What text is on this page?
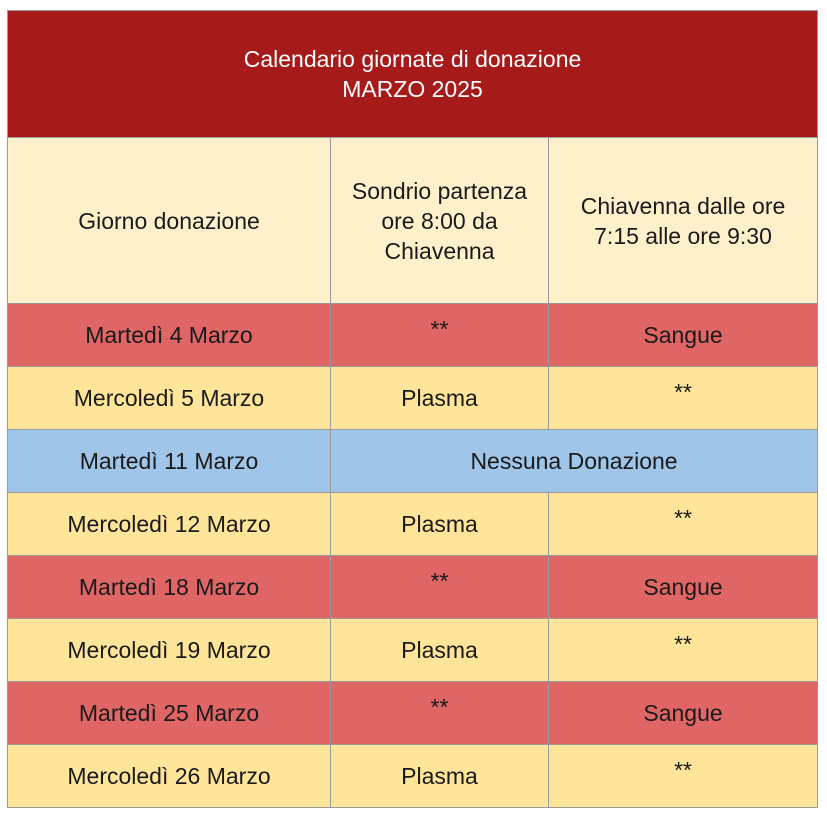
Calendario giornate di donazione
MARZO 2025		

Giorno donazione	Sondrio partenza ore 8:00 da Chiavenna	Chiavenna dalle ore 7:15 alle ore 9:30
Martedì 4 Marzo	**	Sangue
Mercoledì 5 Marzo	Plasma	**
Martedì 11 Marzo	Nessuna Donazione	
Mercoledì 12 Marzo	Plasma	**
Martedì 18 Marzo	**	Sangue
Mercoledì 19 Marzo	Plasma	**
Martedì 25 Marzo	**	Sangue
Mercoledì 26 Marzo	Plasma	**
